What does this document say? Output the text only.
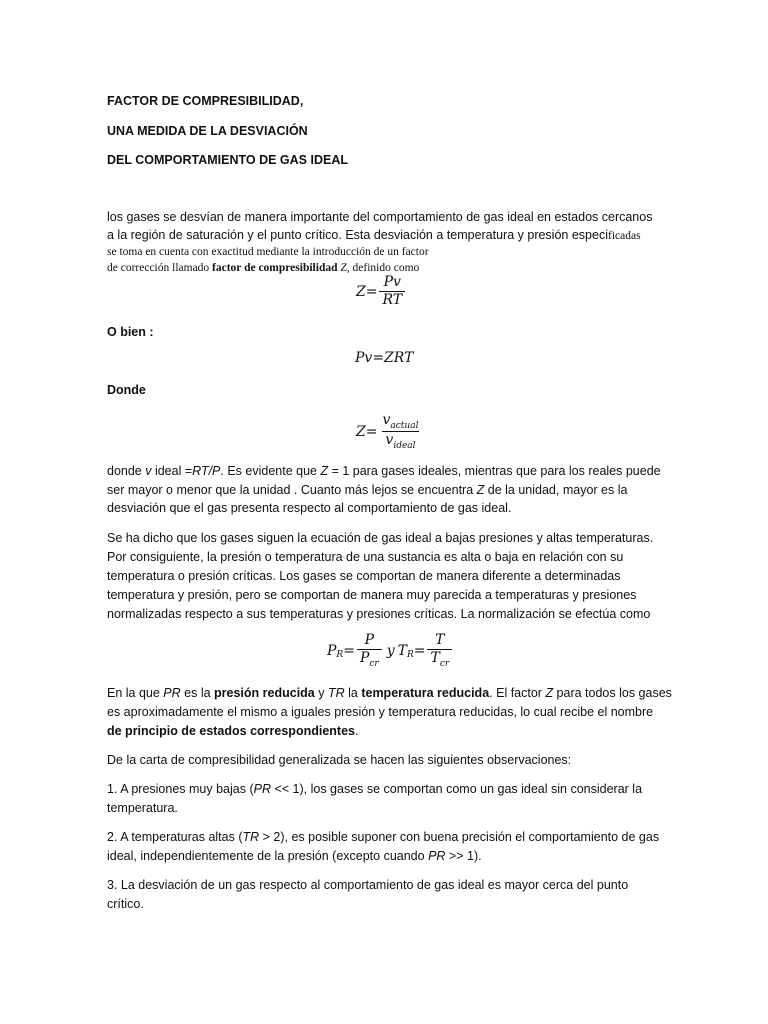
FACTOR DE COMPRESIBILIDAD,
UNA MEDIDA DE LA DESVIACIÓN
DEL COMPORTAMIENTO DE GAS IDEAL
los gases se desvían de manera importante del comportamiento de gas ideal en estados cercanos
a la región de saturación y el punto crítico. Esta desviación a temperatura y presión especificadas
se toma en cuenta con exactitud mediante la introducción de un factor
de corrección llamado factor de compresibilidad Z, definido como
$Z= \frac{Pv}{RT}$
O bien :
Pv=ZRT
Donde
$Z= \frac{v_{actual}}{v_{ideal}}$
donde v ideal =RT/P. Es evidente que Z = 1 para gases ideales, mientras que para los reales puede
ser mayor o menor que la unidad . Cuanto más lejos se encuentra Z de la unidad, mayor es la
desviación que el gas presenta respecto al comportamiento de gas ideal.
Se ha dicho que los gases siguen la ecuación de gas ideal a bajas presiones y altas temperaturas.
Por consiguiente, la presión o temperatura de una sustancia es alta o baja en relación con su
temperatura o presión críticas. Los gases se comportan de manera diferente a determinadas
temperatura y presión, pero se comportan de manera muy parecida a temperaturas y presiones
normalizadas respecto a sus temperaturas y presiones críticas. La normalización se efectúa como
P $R = \frac{P}{P_{cr}}$ y T $R = \frac{T}{T_{cr}}$
En la que PR es la presión reducida y TR la temperatura reducida. El factor Z para todos los gases
es aproximadamente el mismo a iguales presión y temperatura reducidas, lo cual recibe el nombre
de principio de estados correspondientes.
De la carta de compresibilidad generalizada se hacen las siguientes observaciones:
1. A presiones muy bajas (PR << 1), los gases se comportan como un gas ideal sin considerar la
temperatura.
2. A temperaturas altas (TR > 2), es posible suponer con buena precisión el comportamiento de gas
ideal, independientemente de la presión (excepto cuando PR >> 1).
3. La desviación de un gas respecto al comportamiento de gas ideal es mayor cerca del punto
crítico.
